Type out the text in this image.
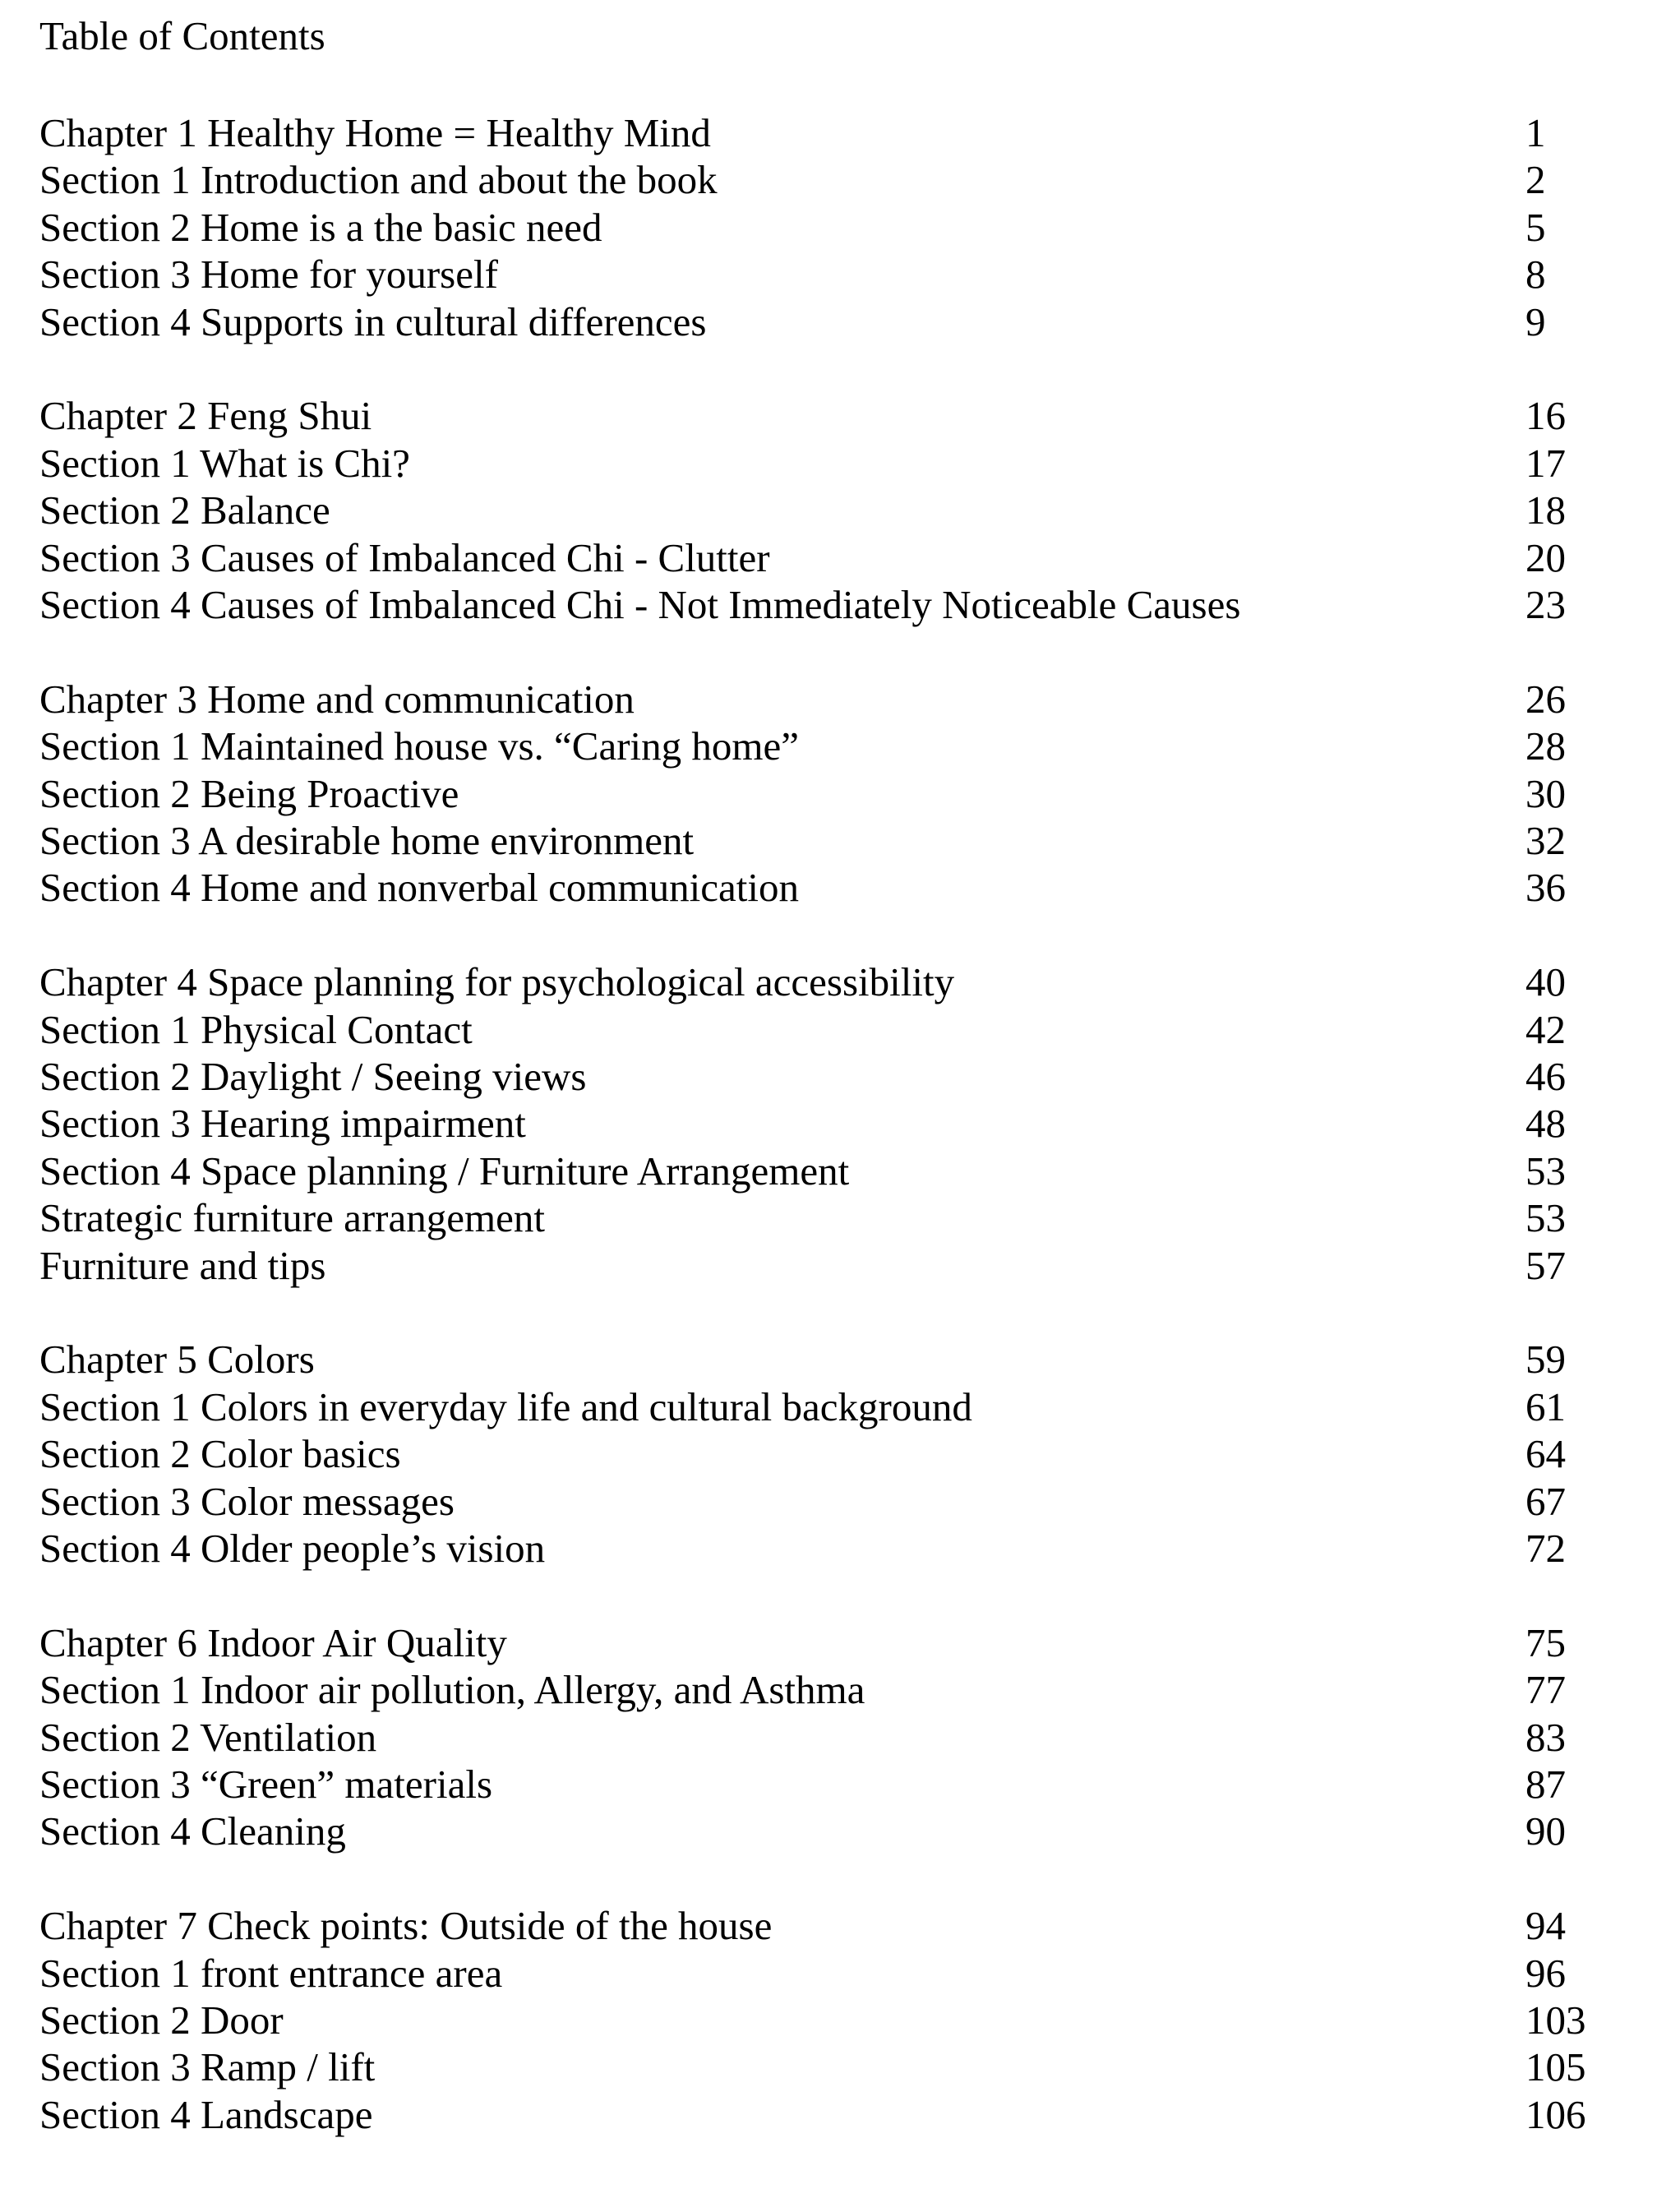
Table of Contents
Chapter 1 Healthy Home = Healthy Mind	1
Section 1 Introduction and about the book	2
Section 2 Home is a the basic need	5
Section 3 Home for yourself	8
Section 4 Supports in cultural differences	9
Chapter 2 Feng Shui	16
Section 1 What is Chi?	17
Section 2 Balance	18
Section 3 Causes of Imbalanced Chi - Clutter	20
Section 4 Causes of Imbalanced Chi - Not Immediately Noticeable Causes	23
Chapter 3 Home and communication	26
Section 1 Maintained house vs. “Caring home”	28
Section 2 Being Proactive	30
Section 3 A desirable home environment	32
Section 4 Home and nonverbal communication	36
Chapter 4 Space planning for psychological accessibility	40
Section 1 Physical Contact	42
Section 2 Daylight / Seeing views	46
Section 3 Hearing impairment	48
Section 4 Space planning / Furniture Arrangement	53
Strategic furniture arrangement	53
Furniture and tips	57
Chapter 5 Colors	59
Section 1 Colors in everyday life and cultural background	61
Section 2 Color basics	64
Section 3 Color messages	67
Section 4 Older people’s vision	72
Chapter 6 Indoor Air Quality	75
Section 1 Indoor air pollution, Allergy, and Asthma	77
Section 2 Ventilation	83
Section 3 “Green” materials	87
Section 4 Cleaning	90
Chapter 7 Check points: Outside of the house	94
Section 1 front entrance area	96
Section 2 Door	103
Section 3 Ramp / lift	105
Section 4 Landscape	106
